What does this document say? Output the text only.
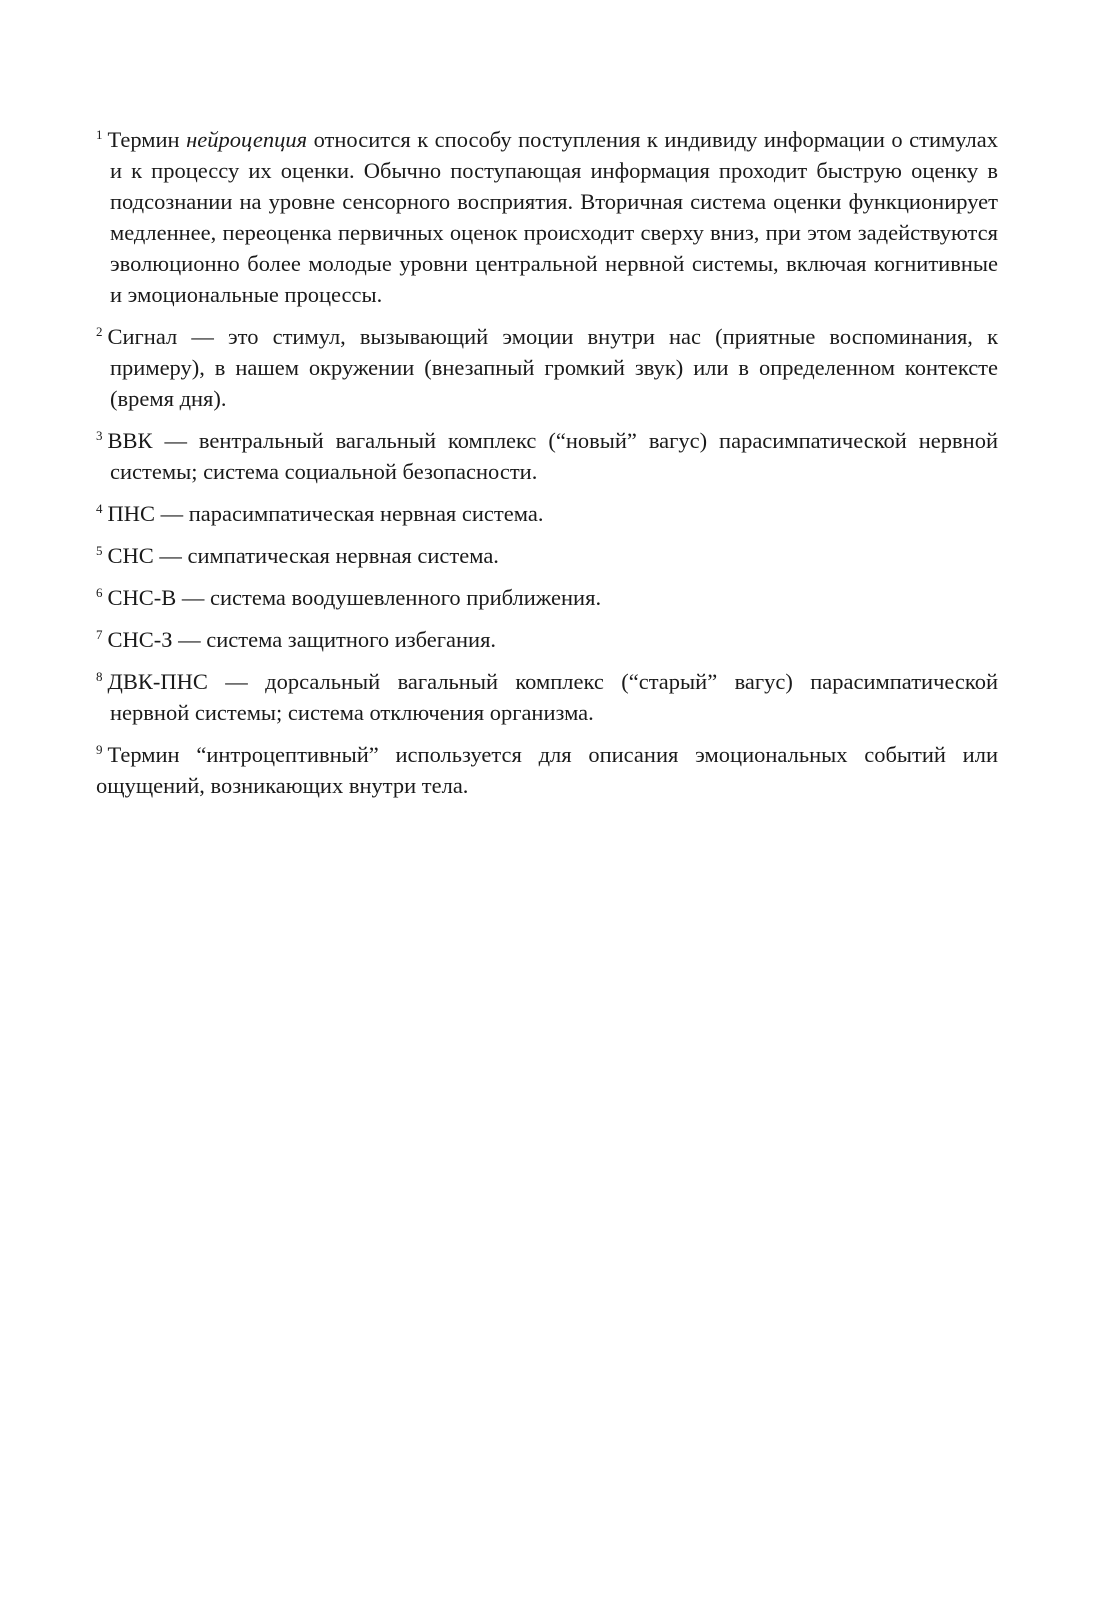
$^1$ Термин нейроцепция относится к способу поступления к индивиду информации о стимулах и к процессу их оценки. Обычно поступающая информация проходит быструю оценку в подсознании на уровне сенсорного восприятия. Вторичная система оценки функционирует медленнее, переоценка первичных оценок происходит сверху вниз, при этом задействуются эволюционно более молодые уровни центральной нервной системы, включая когнитивные и эмоциональные процессы.
$^2$ Сигнал — это стимул, вызывающий эмоции внутри нас (приятные воспоминания, к примеру), в нашем окружении (внезапный громкий звук) или в определенном контексте (время дня).
$^3$ ВВК — вентральный вагальный комплекс (“новый” вагус) парасимпатической нервной системы; система социальной безопасности.
$^4$ ПНС — парасимпатическая нервная система.
$^5$ СНС — симпатическая нервная система.
$^6$ СНС-В — система воодушевленного приближения.
$^7$ СНС-З — система защитного избегания.
$^8$ ДВК-ПНС — дорсальный вагальный комплекс (“старый” вагус) парасимпатической нервной системы; система отключения организма.
$^9$ Термин “интроцептивный” используется для описания эмоциональных событий или ощущений, возникающих внутри тела.
